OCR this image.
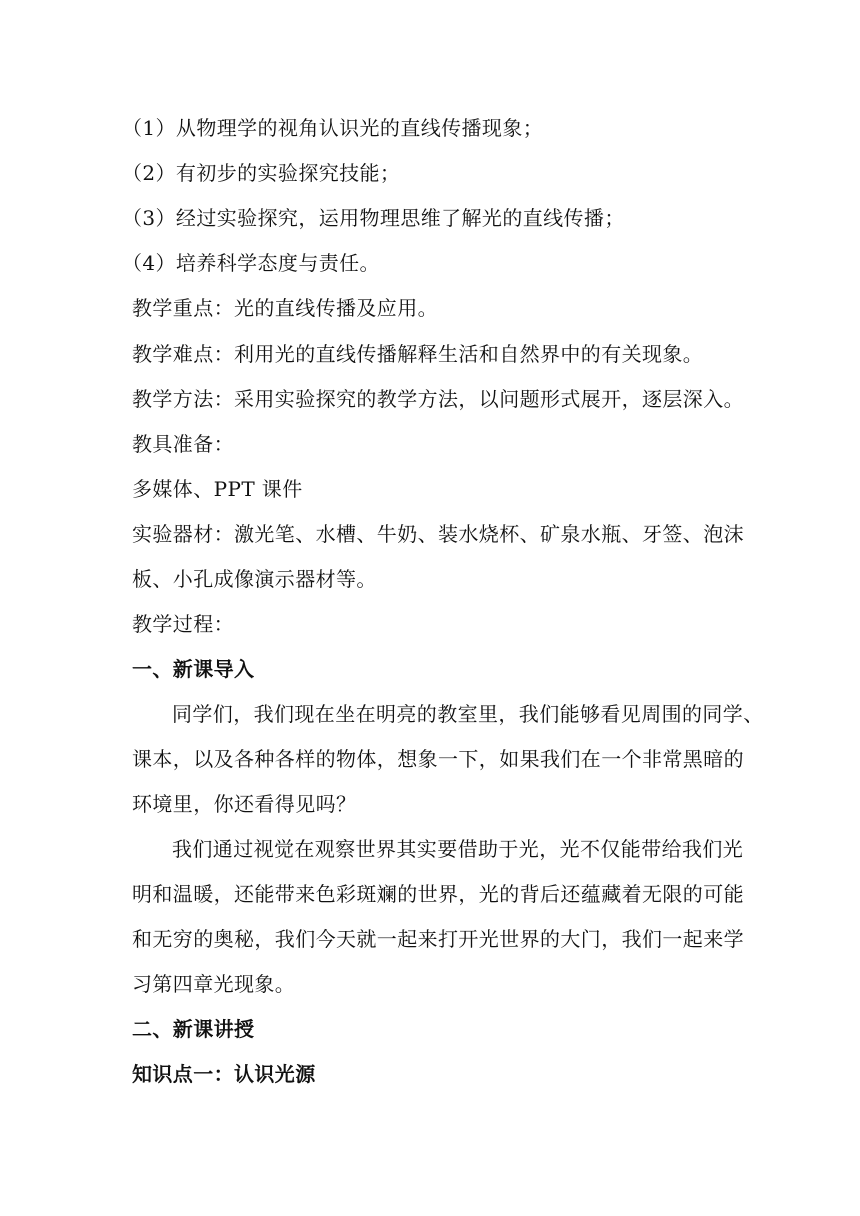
（1）从物理学的视角认识光的直线传播现象；
（2）有初步的实验探究技能；
（3）经过实验探究，运用物理思维了解光的直线传播；
（4）培养科学态度与责任。
教学重点：光的直线传播及应用。
教学难点：利用光的直线传播解释生活和自然界中的有关现象。
教学方法：采用实验探究的教学方法，以问题形式展开，逐层深入。
教具准备：
多媒体、PPT 课件
实验器材：激光笔、水槽、牛奶、装水烧杯、矿泉水瓶、牙签、泡沫
板、小孔成像演示器材等。
教学过程：
一、新课导入
同学们，我们现在坐在明亮的教室里，我们能够看见周围的同学、
课本，以及各种各样的物体，想象一下，如果我们在一个非常黑暗的
环境里，你还看得见吗？
我们通过视觉在观察世界其实要借助于光，光不仅能带给我们光
明和温暖，还能带来色彩斑斓的世界，光的背后还蕴藏着无限的可能
和无穷的奥秘，我们今天就一起来打开光世界的大门，我们一起来学
习第四章光现象。
二、新课讲授
知识点一：认识光源
